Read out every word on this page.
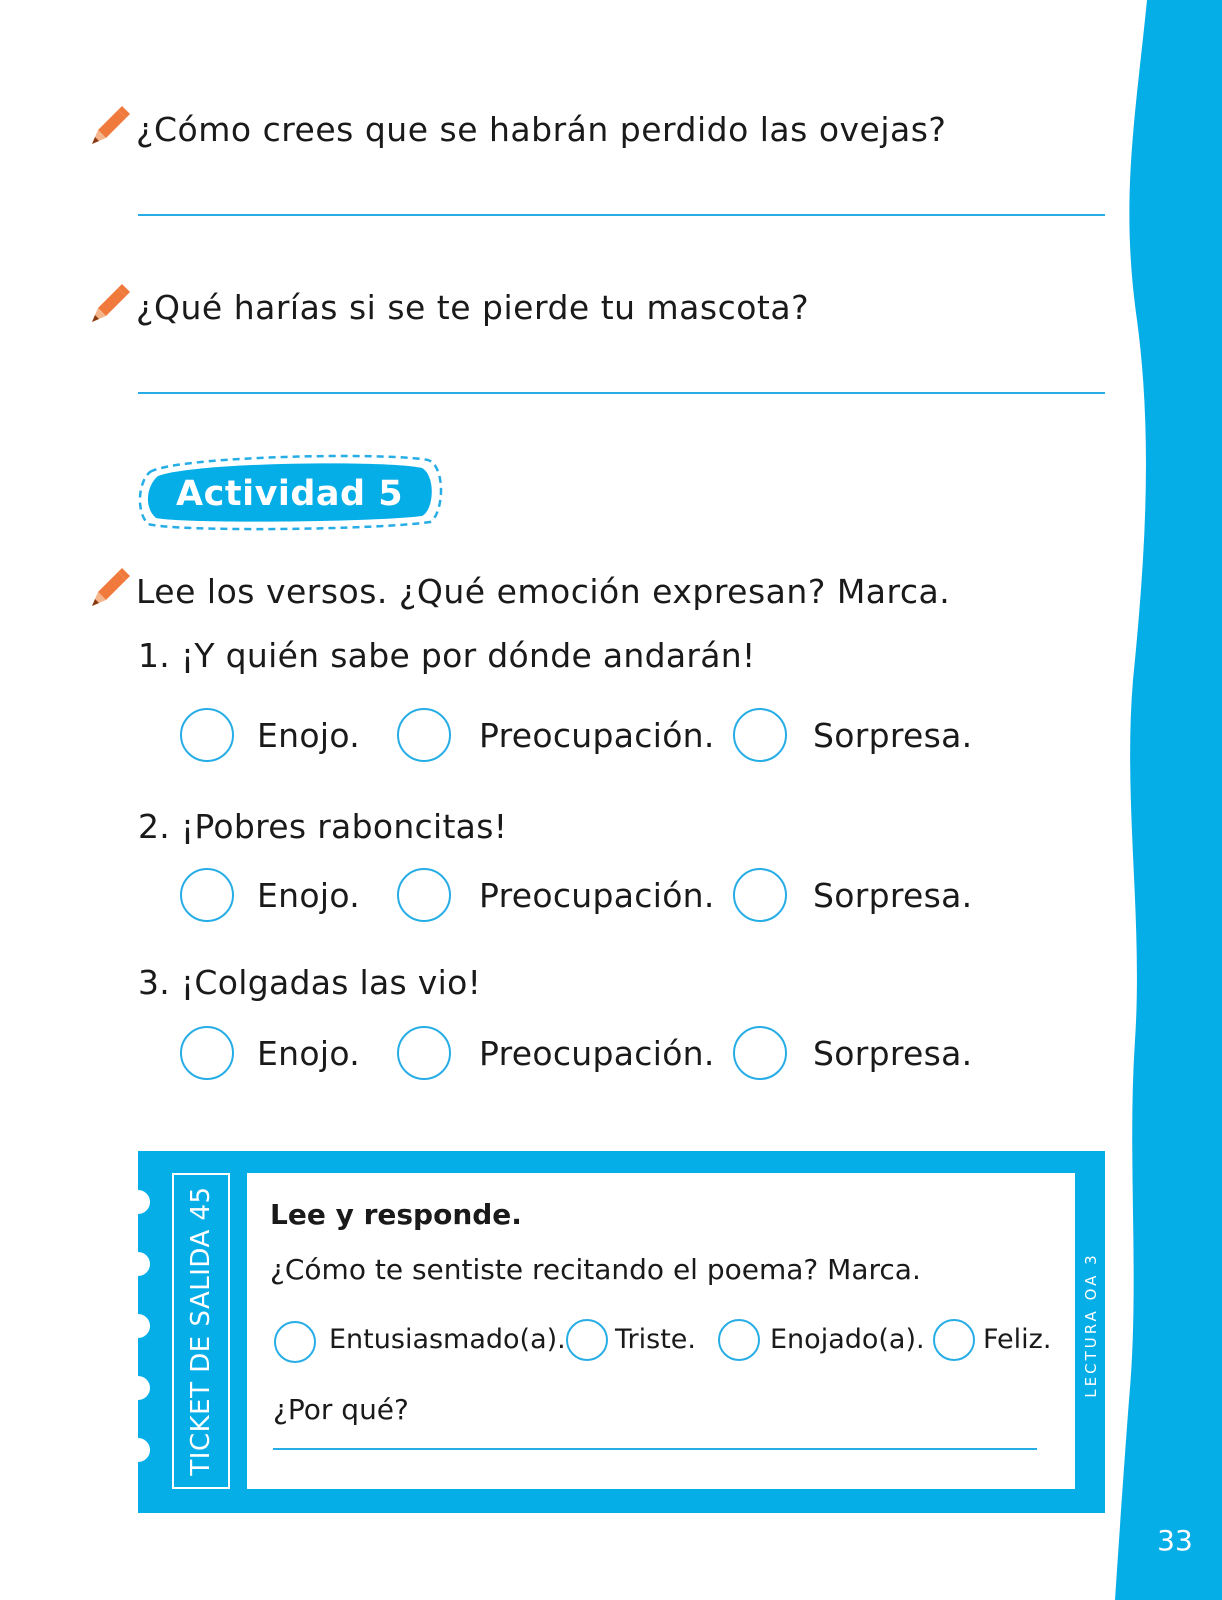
33
¿Cómo crees que se habrán perdido las ovejas?
¿Qué harías si se te pierde tu mascota?
Actividad 5
Lee los versos. ¿Qué emoción expresan? Marca.
1. ¡Y quién sabe por dónde andarán!
Enojo.	Preocupación.	Sorpresa.
2. ¡Pobres raboncitas!
Enojo.	Preocupación.	Sorpresa.
3. ¡Colgadas las vio!
Enojo.	Preocupación.	Sorpresa.
TICKET DE SALIDA 45	LECTURA OA 3
Lee y responde.
¿Cómo te sentiste recitando el poema? Marca.
Entusiasmado(a). Triste.	Enojado(a). Feliz.
¿Por qué?
